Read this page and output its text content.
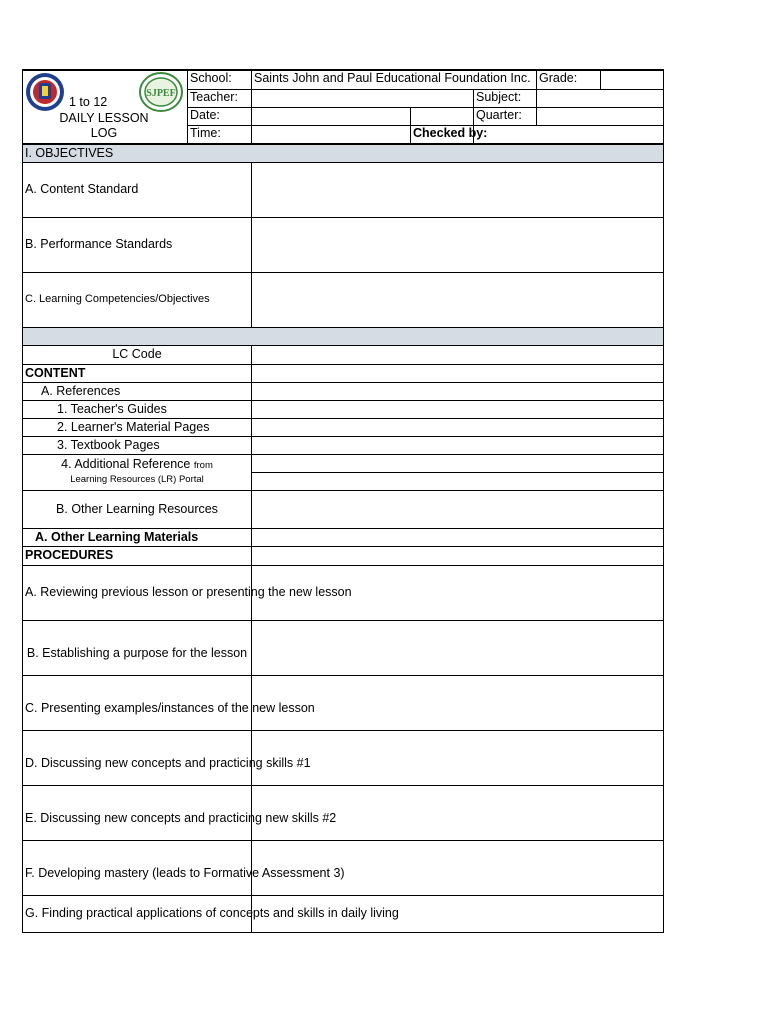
SJPEF
1 to 12
DAILY LESSON
LOG	School:	Saints John and Paul Educational Foundation Inc.			Grade:	
	Teacher:			Subject:		
	Date:			Quarter:		
	Time:		Checked by:			
I. OBJECTIVES	
A. Content Standard	
B. Performance Standards	
C. Learning Competencies/Objectives	

LC Code	
CONTENT	
A. References	
1. Teacher's Guides	
2. Learner's Material Pages	
3. Textbook Pages	

4. Additional Reference from
Learning Resources (LR) Portal	

B. Other Learning Resources	
A. Other Learning Materials	
PROCEDURES	
A. Reviewing previous lesson or presenting the new lesson	
B. Establishing a purpose for the lesson	
C. Presenting examples/instances of the new lesson	
D. Discussing new concepts and practicing skills #1	
E. Discussing new concepts and practicing new skills #2	
F. Developing mastery (leads to Formative Assessment 3)	
G. Finding practical applications of concepts and skills in daily living	
